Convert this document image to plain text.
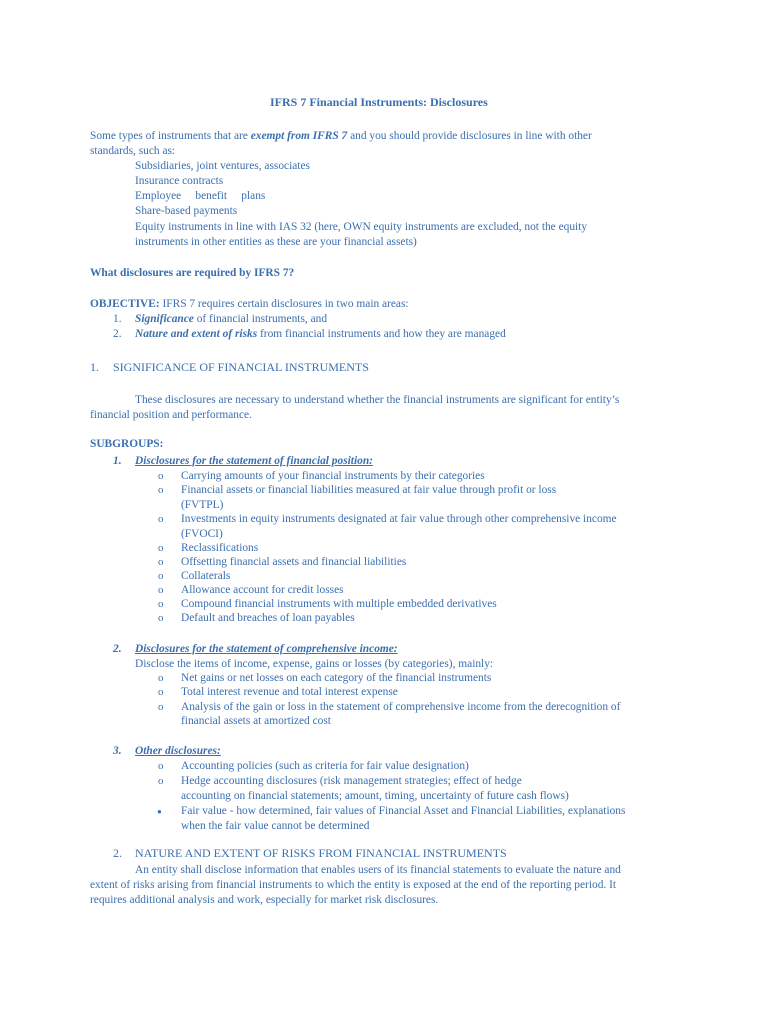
IFRS 7 Financial Instruments: Disclosures
Some types of instruments that are exempt from IFRS 7 and you should provide disclosures in line with other
standards, such as:
Subsidiaries, joint ventures, associates
Insurance contracts
Employee     benefit     plans
Share-based payments
Equity instruments in line with IAS 32 (here, OWN equity instruments are excluded, not the equity
instruments in other entities as these are your financial assets)
What disclosures are required by IFRS 7?
OBJECTIVE: IFRS 7 requires certain disclosures in two main areas:
1. Significance of financial instruments, and
2. Nature and extent of risks from financial instruments and how they are managed
1. SIGNIFICANCE OF FINANCIAL INSTRUMENTS
These disclosures are necessary to understand whether the financial instruments are significant for entity’s
financial position and performance.
SUBGROUPS:
1. Disclosures for the statement of financial position:
o Carrying amounts of your financial instruments by their categories
o Financial assets or financial liabilities measured at fair value through profit or loss
(FVTPL)
o Investments in equity instruments designated at fair value through other comprehensive income
(FVOCI)
o Reclassifications
o Offsetting financial assets and financial liabilities
o Collaterals
o Allowance account for credit losses
o Compound financial instruments with multiple embedded derivatives
o Default and breaches of loan payables
2. Disclosures for the statement of comprehensive income:
Disclose the items of income, expense, gains or losses (by categories), mainly:
o Net gains or net losses on each category of the financial instruments
o Total interest revenue and total interest expense
o Analysis of the gain or loss in the statement of comprehensive income from the derecognition of
financial assets at amortized cost
3. Other disclosures:
o Accounting policies (such as criteria for fair value designation)
o Hedge accounting disclosures (risk management strategies; effect of hedge
accounting on financial statements; amount, timing, uncertainty of future cash flows)
● Fair value - how determined, fair values of Financial Asset and Financial Liabilities, explanations
when the fair value cannot be determined
2. NATURE AND EXTENT OF RISKS FROM FINANCIAL INSTRUMENTS
An entity shall disclose information that enables users of its financial statements to evaluate the nature and
extent of risks arising from financial instruments to which the entity is exposed at the end of the reporting period. It
requires additional analysis and work, especially for market risk disclosures.
